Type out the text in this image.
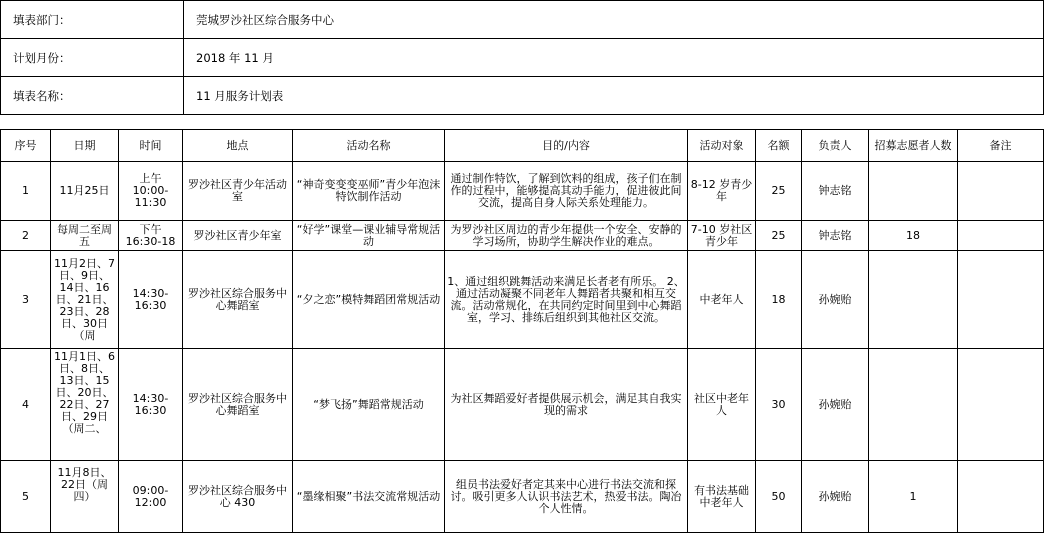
填表部门：	莞城罗沙社区综合服务中心
计划月份：	2018 年 11 月
填表名称：	11 月服务计划表
序号	日期	时间	地点	活动名称	目的/内容	活动对象	名额	负责人	招募志愿者人数	备注
1	11月25日	上午 10:00-11:30	罗沙社区青少年活动室	“神奇变变变巫师”青少年泡沫特饮制作活动	通过制作特饮，了解到饮料的组成，孩子们在制作的过程中，能够提高其动手能力，促进彼此间交流，提高自身人际关系处理能力。	8-12 岁青少年	25	钟志铭		
2	每周二至周五	下午 16:30-18	罗沙社区青少年室	“好学”课堂—课业辅导常规活动	为罗沙社区周边的青少年提供一个安全、安静的学习场所，协助学生解决作业的难点。	7-10 岁社区青少年	25	钟志铭	18	
3	11月2日、7日、9日、14日、16日、21日、23日、28日、30日（周	14:30-16:30	罗沙社区综合服务中心舞蹈室	“夕之恋”模特舞蹈团常规活动	1、通过组织跳舞活动来满足长者老有所乐。 2、通过活动凝聚不同老年人舞蹈者共聚和相互交流。活动常规化，在共同约定时间里到中心舞蹈室，学习、排练后组织到其他社区交流。	中老年人	18	孙婉贻		
4	11月1日、6日、8日、13日、15日、20日、22日、27日、29日（周二、	14:30-16:30	罗沙社区综合服务中心舞蹈室	“梦飞扬”舞蹈常规活动	为社区舞蹈爱好者提供展示机会，满足其自我实现的需求	社区中老年人	30	孙婉贻		
5	11月8日、22日（周四）	09:00-12:00	罗沙社区综合服务中心 430	“墨缘相聚”书法交流常规活动	组员书法爱好者定其来中心进行书法交流和探讨。吸引更多人认识书法艺术，热爱书法。陶冶个人性情。	有书法基础中老年人	50	孙婉贻	1	
